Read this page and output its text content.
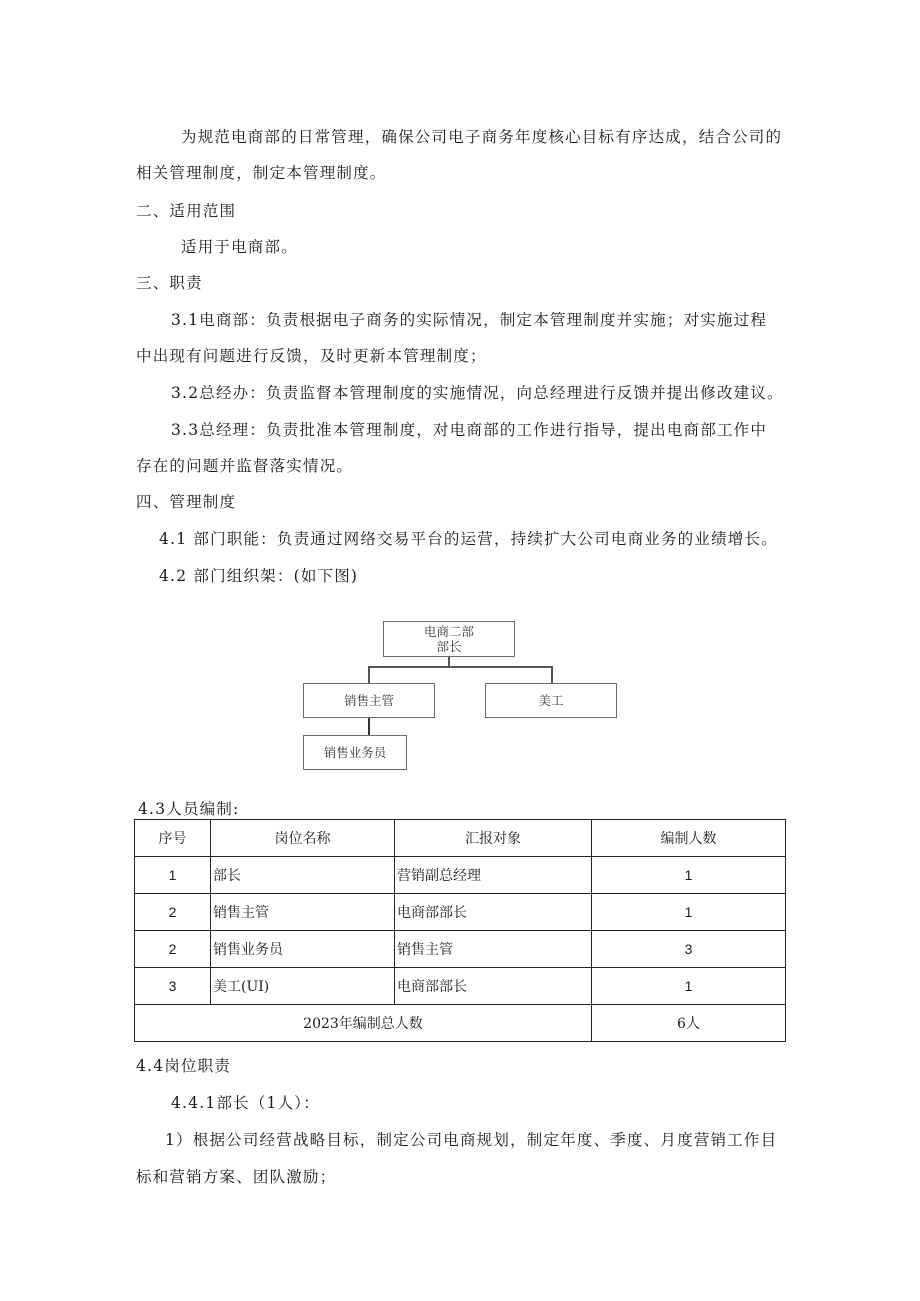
为规范电商部的日常管理，确保公司电子商务年度核心目标有序达成，结合公司的
相关管理制度，制定本管理制度。
二、适用范围
适用于电商部。
三、职责
3.1电商部：负责根据电子商务的实际情况，制定本管理制度并实施；对实施过程
中出现有问题进行反馈，及时更新本管理制度；
3.2总经办：负责监督本管理制度的实施情况，向总经理进行反馈并提出修改建议。
3.3总经理：负责批准本管理制度，对电商部的工作进行指导，提出电商部工作中
存在的问题并监督落实情况。
四、管理制度
4.1 部门职能：负责通过网络交易平台的运营，持续扩大公司电商业务的业绩增长。
4.2 部门组织架：(如下图)
电商二部
部长
销售主管	美工
销售业务员
4.3人员编制:
序号	岗位名称	汇报对象	编制人数
1	部长	营销副总经理	1
2	销售主管	电商部部长	1
2	销售业务员	销售主管	3
3	美工(UI)	电商部部长	1
2023年编制总人数			6人
4.4岗位职责
4.4.1部长（1人）：
1）根据公司经营战略目标，制定公司电商规划，制定年度、季度、月度营销工作目
标和营销方案、团队激励；
